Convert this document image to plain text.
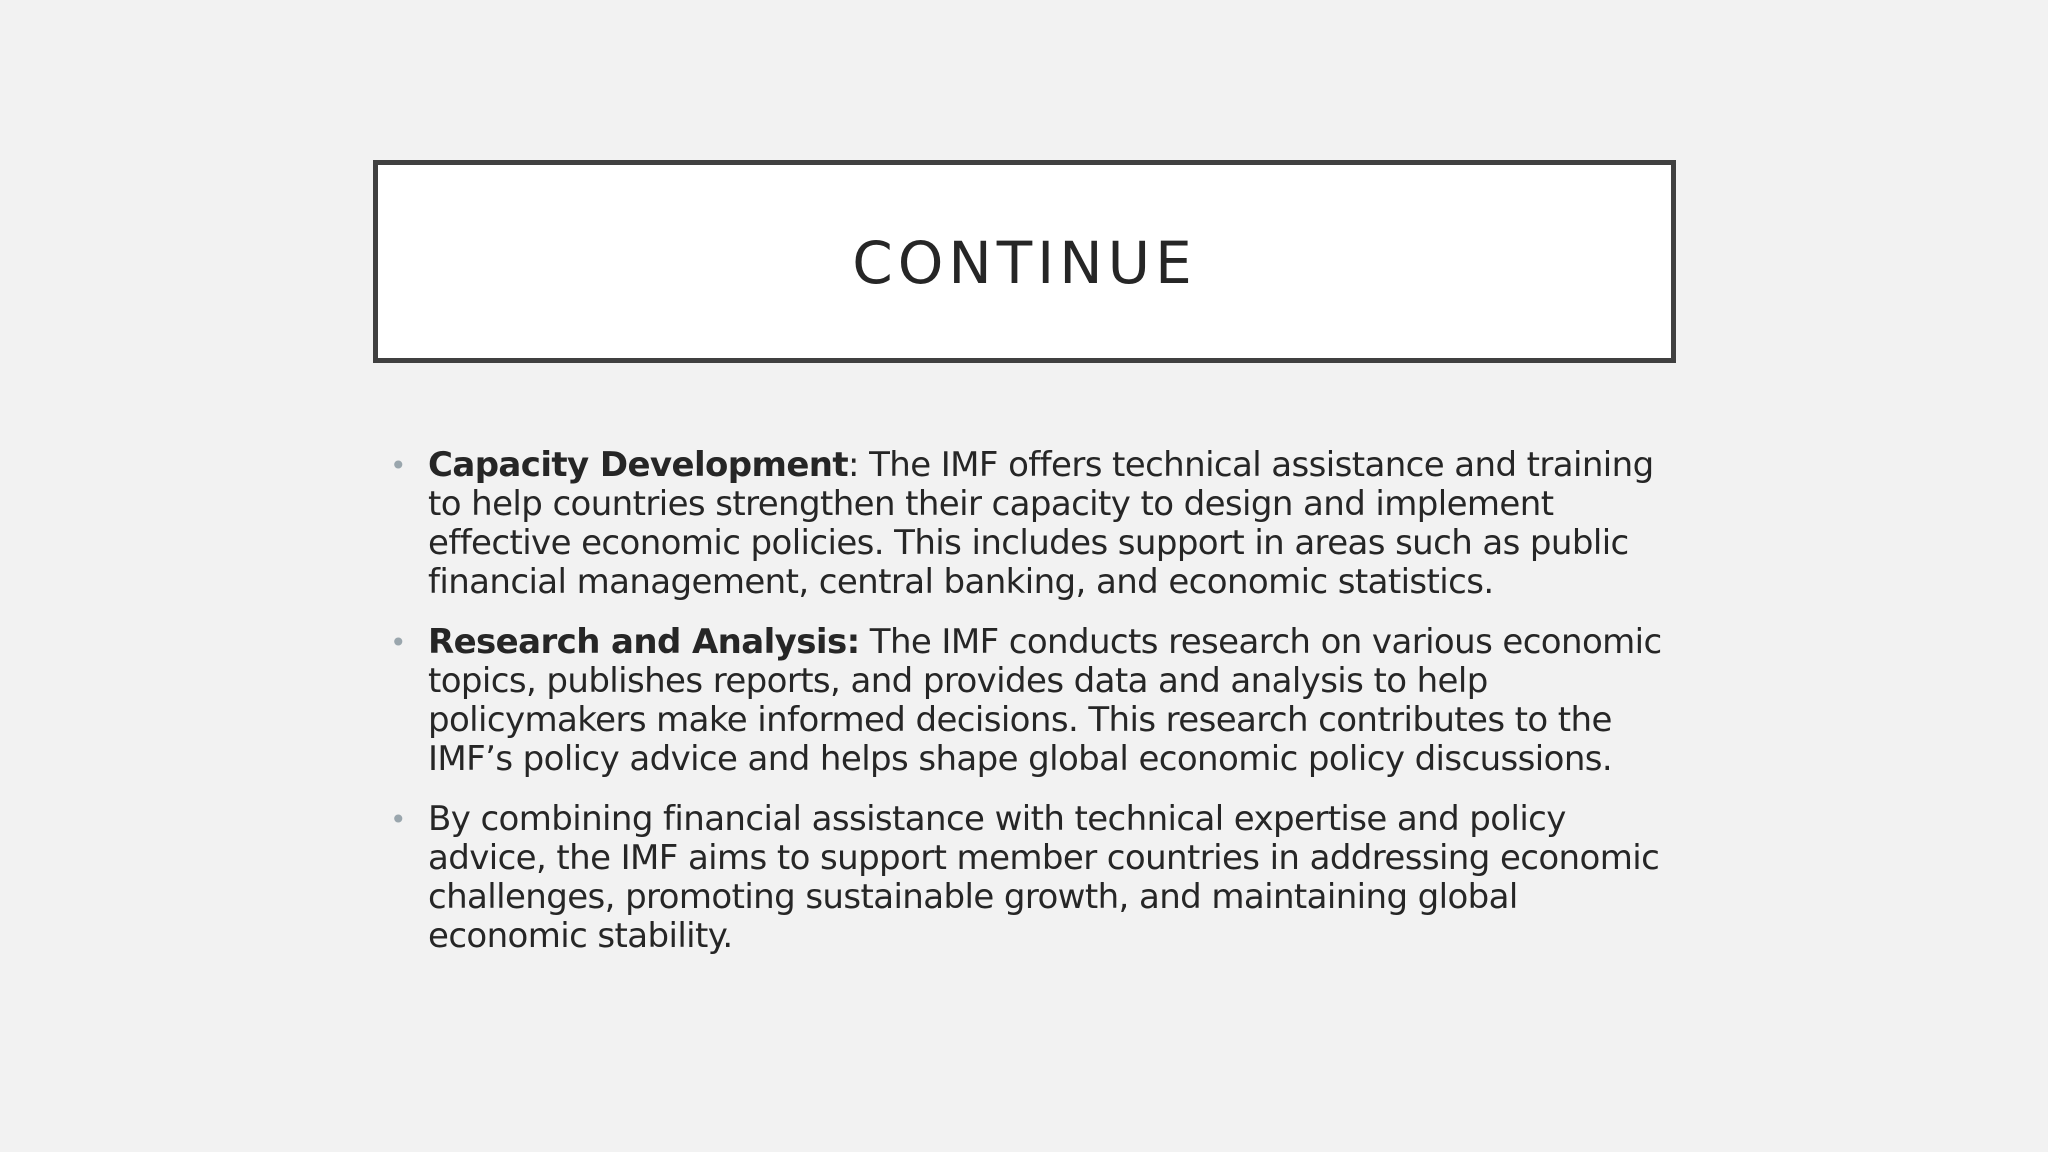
CONTINUE
• Capacity Development: The IMF offers technical assistance and training to help countries strengthen their capacity to design and implement effective economic policies. This includes support in areas such as public financial management, central banking, and economic statistics.
• Research and Analysis: The IMF conducts research on various economic topics, publishes reports, and provides data and analysis to help policymakers make informed decisions. This research contributes to the IMF’s policy advice and helps shape global economic policy discussions.
• By combining financial assistance with technical expertise and policy advice, the IMF aims to support member countries in addressing economic challenges, promoting sustainable growth, and maintaining global economic stability.
